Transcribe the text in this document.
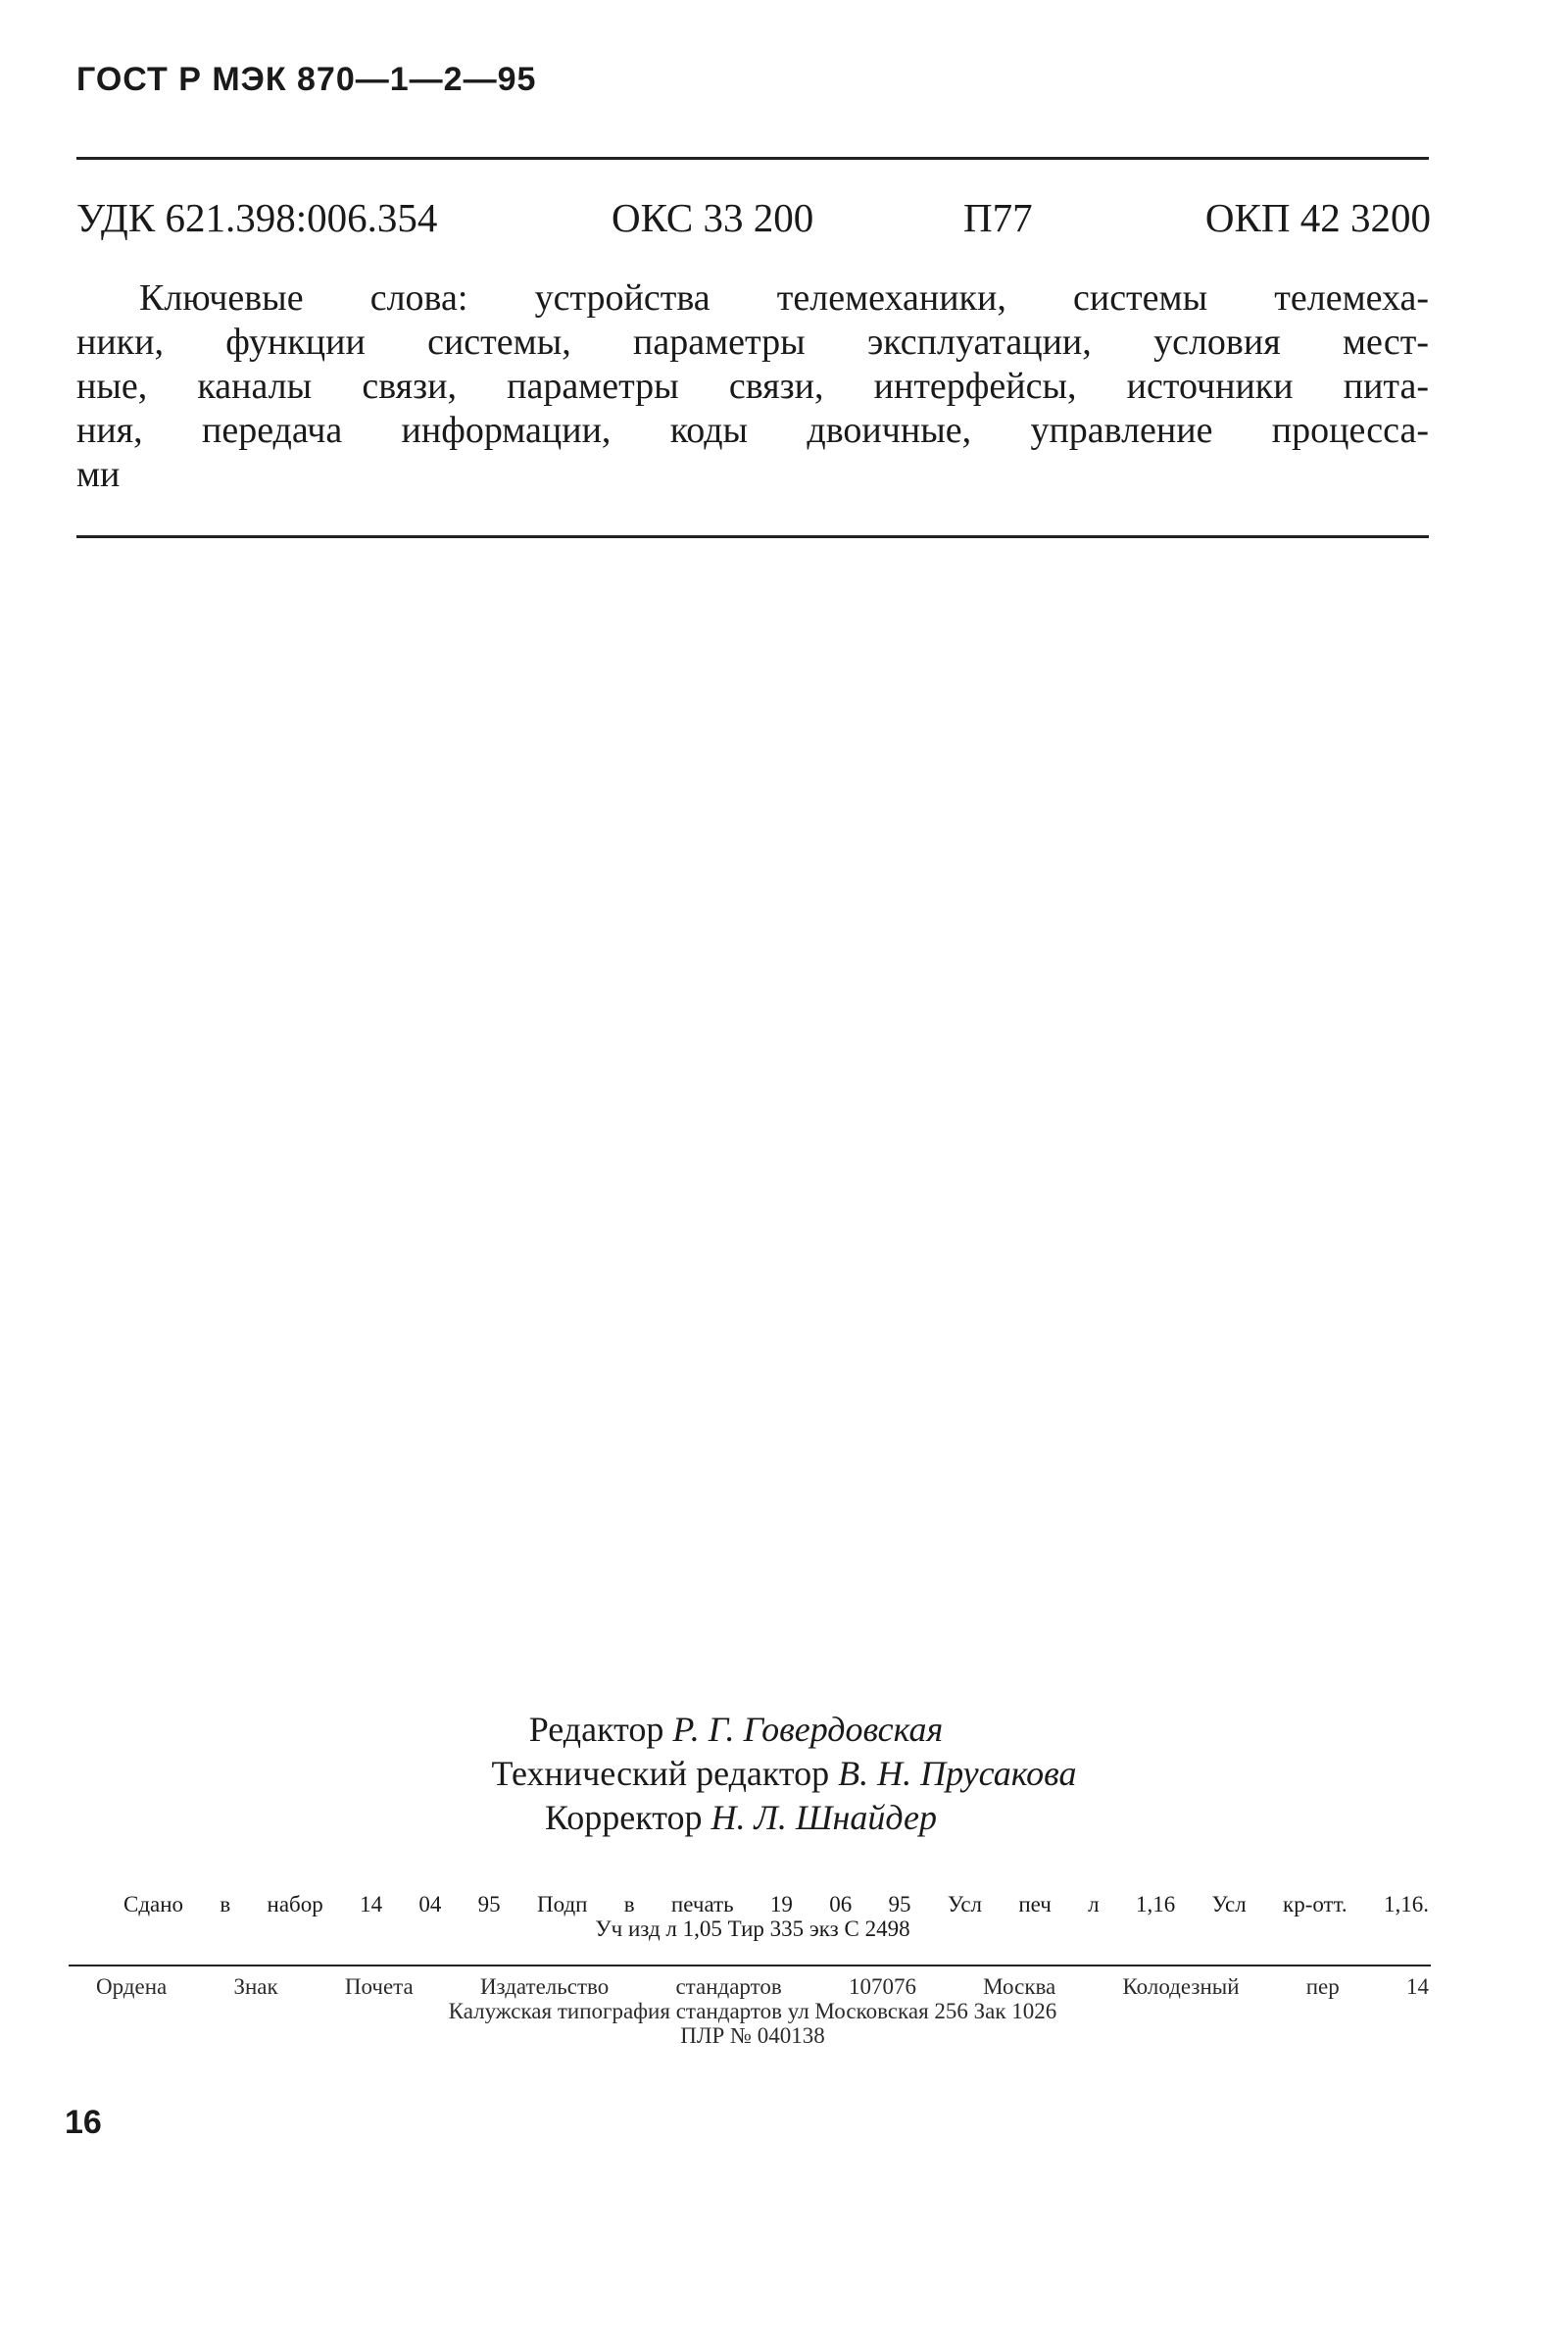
ГОСТ Р МЭК 870—1—2—95
УДК 621.398:006.354	ОКС 33 200	П77	ОКП 42 3200
Ключевые слова: устройства телемеханики, системы телемеха-
ники, функции системы, параметры эксплуатации, условия мест-
ные, каналы связи, параметры связи, интерфейсы, источники пита-
ния, передача информации, коды двоичные, управление процесса-
ми
Редактор Р. Г. Говердовская
Технический редактор В. Н. Прусакова
Корректор Н. Л. Шнайдер
Сдано в набор 14 04 95 Подп в печать 19 06 95 Усл печ л 1,16 Усл кр-отт. 1,16.
Уч изд л 1,05 Тир 335 экз С 2498
Ордена Знак Почета Издательство стандартов 107076 Москва Колодезный пер 14
Калужская типография стандартов ул Московская 256 Зак 1026
ПЛР № 040138
16
